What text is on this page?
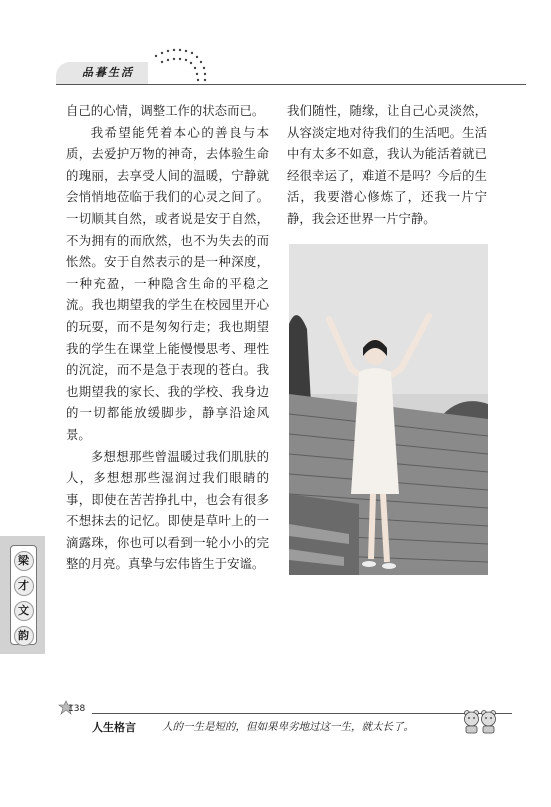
品暮生活

自己的心情，调整工作的状态而已。

我希望能凭着本心的善良与本质，去爱护万物的神奇，去体验生命的瑰丽，去享受人间的温暖，宁静就会悄悄地莅临于我们的心灵之间了。一切顺其自然，或者说是安于自然，不为拥有的而欣然，也不为失去的而怅然。安于自然表示的是一种深度，一种充盈，一种隐含生命的平稳之流。我也期望我的学生在校园里开心的玩耍，而不是匆匆行走；我也期望我的学生在课堂上能慢慢思考、理性的沉淀，而不是急于表现的苍白。我也期望我的家长、我的学校、我身边的一切都能放缓脚步，静享沿途风景。

多想想那些曾温暖过我们肌肤的人，多想想那些湿润过我们眼睛的事，即使在苦苦挣扎中，也会有很多不想抹去的记忆。即使是草叶上的一滴露珠，你也可以看到一轮小小的完整的月亮。真挚与宏伟皆生于安谧。

我们随性，随缘，让自己心灵淡然，从容淡定地对待我们的生活吧。生活中有太多不如意，我认为能活着就已经很幸运了，难道不是吗？今后的生活，我要潜心修炼了，还我一片宁静，我会还世界一片宁静。

梁
才
文
韵
138
人生格言 人的一生是短的，但如果卑劣地过这一生，就太长了。
